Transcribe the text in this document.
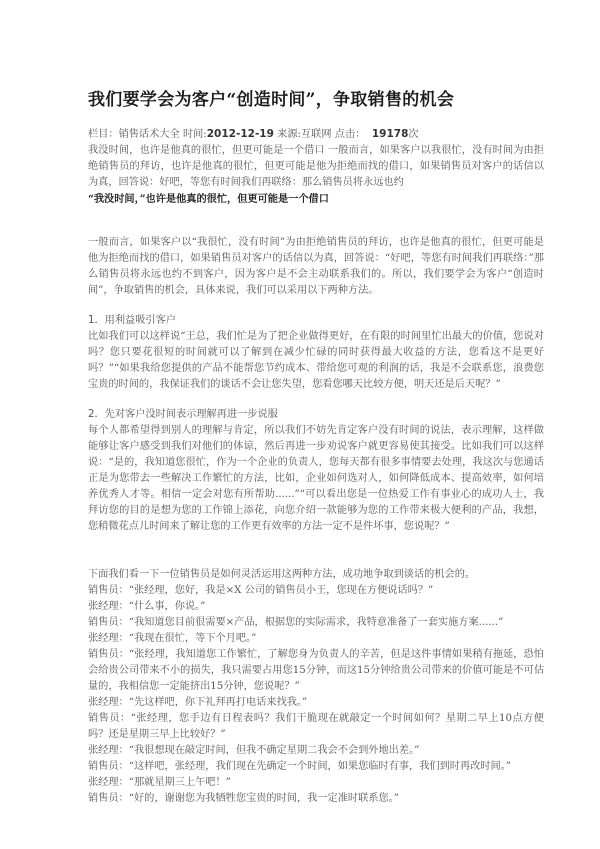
我们要学会为客户“创造时间”，争取销售的机会
栏目：销售话术大全 时间:2012-12-19 来源:互联网 点击： 19178次

我没时间，也许是他真的很忙，但更可能是一个借口 一般而言，如果客户以我很忙，没有时间为由拒绝销售员的拜访，也许是他真的很忙，但更可能是他为拒绝而找的借口，如果销售员对客户的话信以为真，回答说：好吧，等您有时间我们再联络：那么销售员将永远也约

“我没时间，”也许是他真的很忙，但更可能是一个借口

一般而言，如果客户以“我很忙，没有时间”为由拒绝销售员的拜访，也许是他真的很忙，但更可能是他为拒绝而找的借口，如果销售员对客户的话信以为真，回答说：“好吧，等您有时间我们再联络：”那么销售员将永远也约不到客户，因为客户是不会主动联系我们的。所以，我们要学会为客户“创造时间”，争取销售的机会，具体来说，我们可以采用以下两种方法。

1．用利益吸引客户

比如我们可以这样说“王总，我们忙是为了把企业做得更好，在有限的时间里忙出最大的价值，您说对吗？您只要花很短的时间就可以了解到在减少忙碌的同时获得最大收益的方法，您看这不是更好吗？”“如果我给您提供的产品不能帮您节约成本、带给您可观的利润的话，我是不会联系您，浪费您宝贵的时间的，我保证我们的谈话不会让您失望，您看您哪天比较方便，明天还是后天呢？”

2．先对客户没时间表示理解再进一步说服

每个人都希望得到别人的理解与肯定，所以我们不妨先肯定客户没有时间的说法，表示理解，这样做能够让客户感受到我们对他们的体谅，然后再进一步劝说客户就更容易使其接受。比如我们可以这样说：“是的，我知道您很忙，作为一个企业的负责人，您每天都有很多事情要去处理，我这次与您通话正是为您带去一些解决工作繁忙的方法，比如，企业如何选对人，如何降低成本、提高效率，如何培养优秀人才等。相信一定会对您有所帮助......”“可以看出您是一位热爱工作有事业心的成功人士，我拜访您的目的是想为您的工作锦上添花，向您介绍一款能够为您的工作带来极大便利的产品，我想，您稍微花点儿时间来了解让您的工作更有效率的方法一定不是件坏事，您说呢？”

下面我们看一下一位销售员是如何灵活运用这两种方法，成功地争取到谈话的机会的。

销售员：“张经理，您好，我是×X 公司的销售员小王，您现在方便说话吗？”

张经理：“什么事，你说。”

销售员：“我知道您目前很需要×产品，根据您的实际需求，我特意准备了一套实施方案......”

张经理：“我现在很忙，等下个月吧。”

销售员：“张经理，我知道您工作繁忙，了解您身为负责人的辛苦，但是这件事情如果稍有拖延，恐怕会给贵公司带来不小的损失，我只需要占用您15分钟，而这15分钟给贵公司带来的价值可能是不可估量的，我相信您一定能挤出15分钟，您说呢？”

张经理：“先这样吧，你下礼拜再打电话来找我。”

销售员：“张经理，您手边有日程表吗？我们干脆现在就敲定一个时间如何？星期二早上10点方便吗？还是星期三早上比较好？”

张经理：“我很想现在敲定时间，但我不确定星期二我会不会到外地出差。”

销售员：“这样吧，张经理，我们现在先确定一个时间，如果您临时有事，我们到时再改时间。”

张经理：“那就星期三上午吧！”

销售员：“好的，谢谢您为我牺牲您宝贵的时间，我一定准时联系您。”
